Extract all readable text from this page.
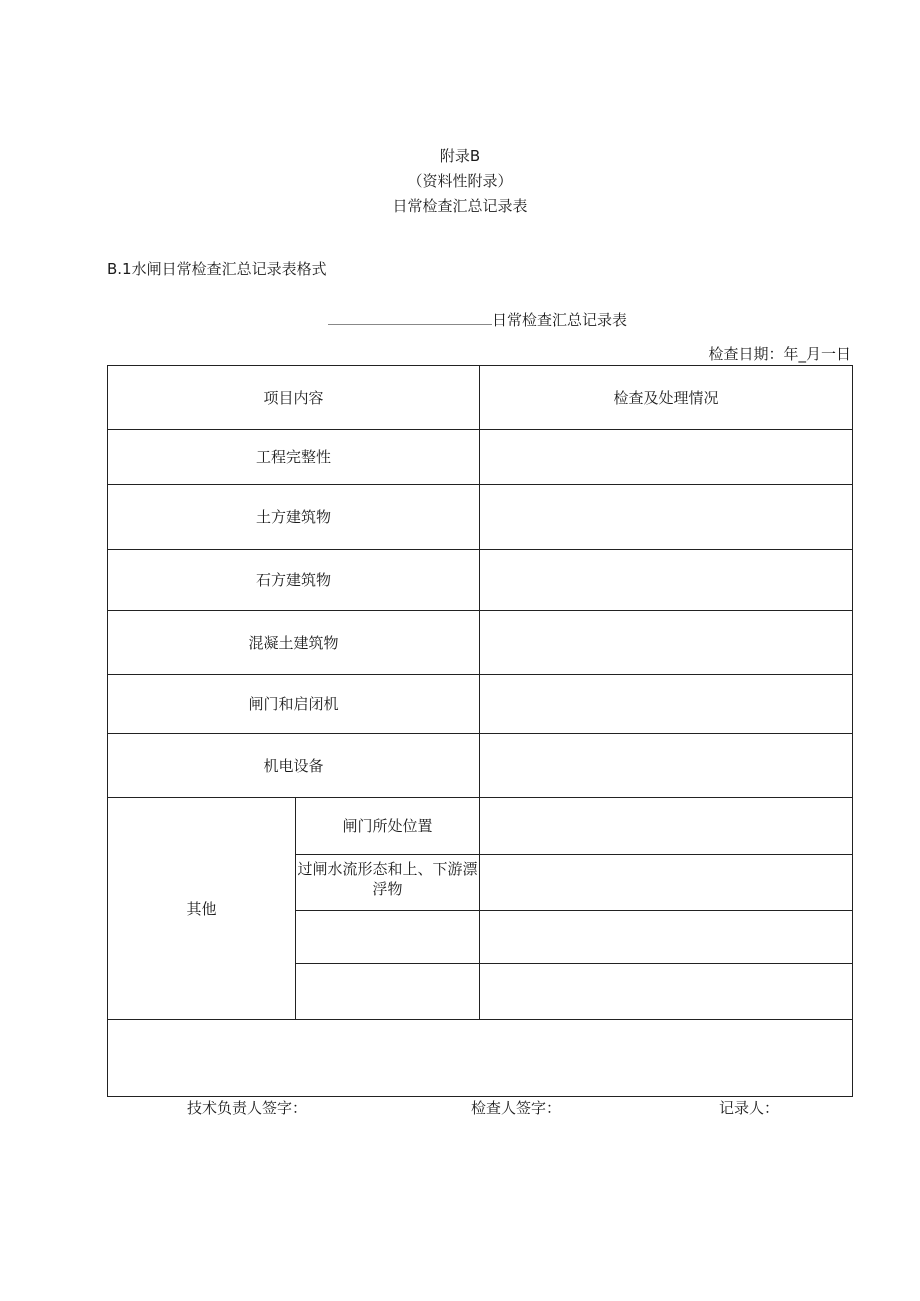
附录B
（资料性附录）
日常检查汇总记录表
B.1水闸日常检查汇总记录表格式
日常检查汇总记录表
检查日期：年_月一日
项目内容		检查及处理情况
工程完整性		
土方建筑物		
石方建筑物		
混凝土建筑物		
闸门和启闭机		
机电设备		
其他	闸门所处位置	
	过闸水流形态和上、下游漂浮物	

技术负责人签字：	检查人签字：	记录人：
